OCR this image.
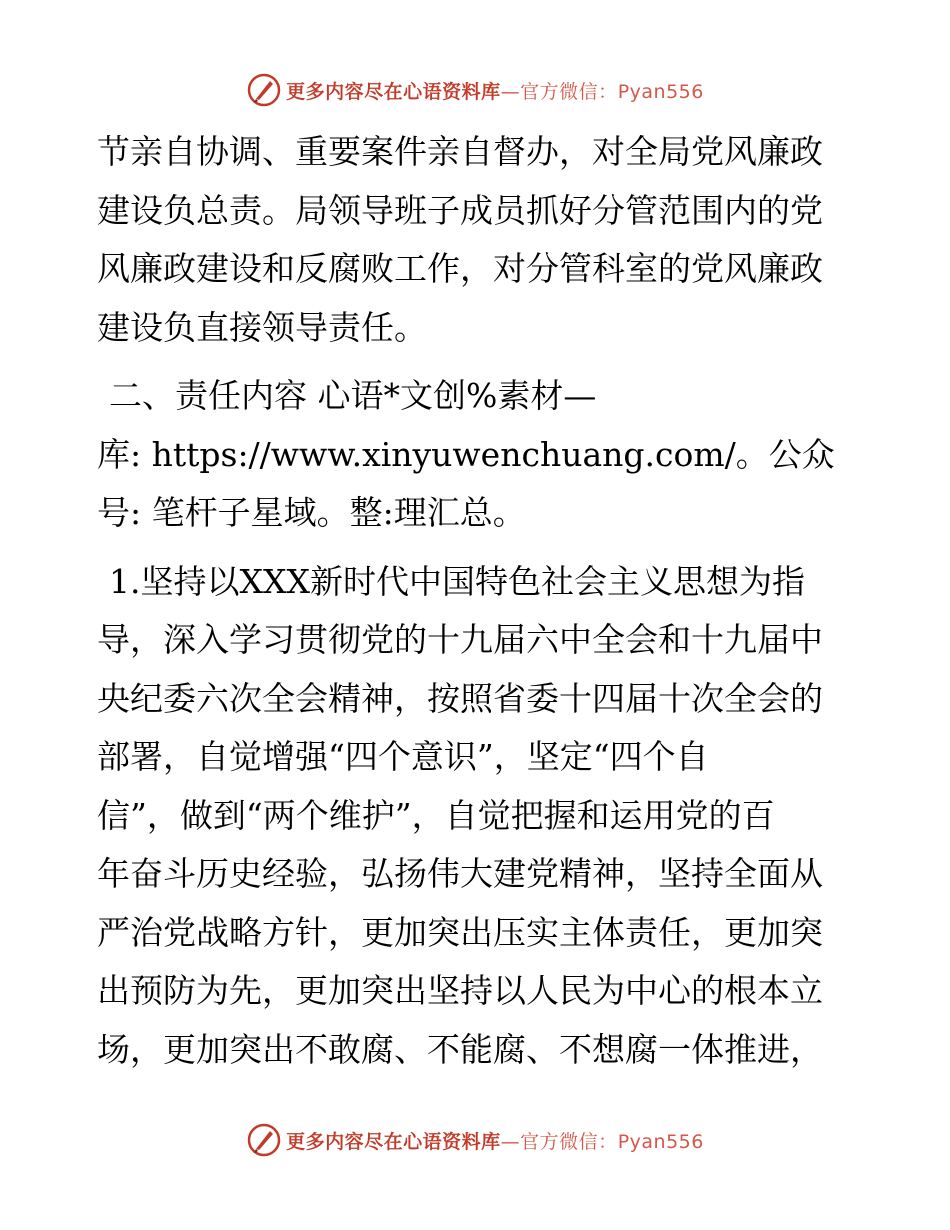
更多内容尽在心语资料库—官方微信：Pyan556

节亲自协调、重要案件亲自督办，对全局党风廉政

建设负总责。局领导班子成员抓好分管范围内的党

风廉政建设和反腐败工作，对分管科室的党风廉政

建设负直接领导责任。

二、责任内容 心语*文创%素材—

库: https://www.xinyuwenchuang.com/。公众

号: 笔杆子星域。整:理汇总。

1.坚持以XXX新时代中国特色社会主义思想为指

导，深入学习贯彻党的十九届六中全会和十九届中

央纪委六次全会精神，按照省委十四届十次全会的

部署，自觉增强“四个意识”，坚定“四个自

信”，做到“两个维护”，自觉把握和运用党的百

年奋斗历史经验，弘扬伟大建党精神，坚持全面从

严治党战略方针，更加突出压实主体责任，更加突

出预防为先，更加突出坚持以人民为中心的根本立

场，更加突出不敢腐、不能腐、不想腐一体推进，

更多内容尽在心语资料库—官方微信：Pyan556
